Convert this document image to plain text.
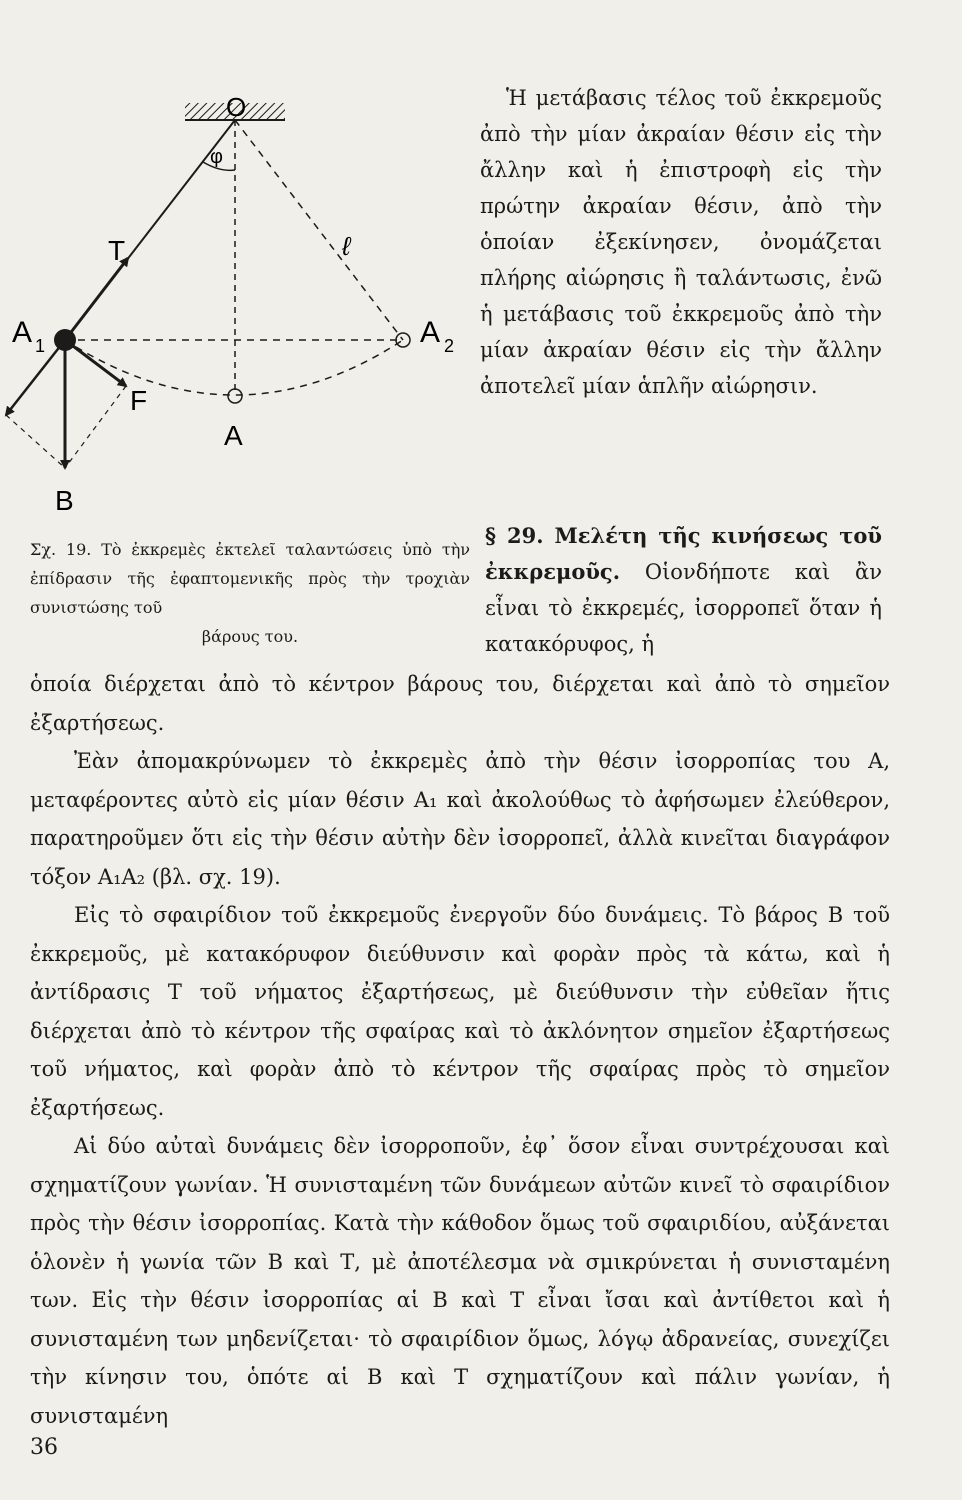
O
φ
T	ℓ
A 1	A 2
F
A
B
Σχ. 19. Τὸ ἐκκρεμὲς ἐκτελεῖ ταλαντώσεις ὑπὸ τὴν ἐπίδρασιν τῆς ἐφαπτομενικῆς πρὸς τὴν τροχιὰν συνιστώσης τοῦ
βάρους του.

Ἡ μετάβασις τέλος τοῦ ἐκκρεμοῦς ἀπὸ τὴν μίαν ἀκραίαν θέσιν εἰς τὴν ἄλλην καὶ ἡ ἐπιστροφὴ εἰς τὴν πρώτην ἀκραίαν θέσιν, ἀπὸ τὴν ὁποίαν ἐξεκίνησεν, ὀνομάζεται πλήρης αἰώρησις ἢ ταλάντωσις, ἐνῶ ἡ μετάβασις τοῦ ἐκκρεμοῦς ἀπὸ τὴν μίαν ἀκραίαν θέσιν εἰς τὴν ἄλλην ἀποτελεῖ μίαν ἁπλῆν αἰώρησιν.

§ 29. Μελέτη τῆς κινήσεως τοῦ ἐκκρεμοῦς. Οἱονδήποτε καὶ ἂν εἶναι τὸ ἐκκρεμές, ἰσορροπεῖ ὅταν ἡ κατακόρυφος, ἡ

ὁποία διέρχεται ἀπὸ τὸ κέντρον βάρους του, διέρχεται καὶ ἀπὸ τὸ σημεῖον ἐξαρτήσεως.

Ἐὰν ἀπομακρύνωμεν τὸ ἐκκρεμὲς ἀπὸ τὴν θέσιν ἰσορροπίας του Α, μεταφέροντες αὐτὸ εἰς μίαν θέσιν Α₁ καὶ ἀκολούθως τὸ ἀφήσωμεν ἐλεύθερον, παρατηροῦμεν ὅτι εἰς τὴν θέσιν αὐτὴν δὲν ἰσορροπεῖ, ἀλλὰ κινεῖται διαγράφον τόξον Α₁Α₂ (βλ. σχ. 19).

Εἰς τὸ σφαιρίδιον τοῦ ἐκκρεμοῦς ἐνεργοῦν δύο δυνάμεις. Τὸ βάρος Β τοῦ ἐκκρεμοῦς, μὲ κατακόρυφον διεύθυνσιν καὶ φορὰν πρὸς τὰ κάτω, καὶ ἡ ἀντίδρασις Τ τοῦ νήματος ἐξαρτήσεως, μὲ διεύθυνσιν τὴν εὐθεῖαν ἥτις διέρχεται ἀπὸ τὸ κέντρον τῆς σφαίρας καὶ τὸ ἀκλόνητον σημεῖον ἐξαρτήσεως τοῦ νήματος, καὶ φορὰν ἀπὸ τὸ κέντρον τῆς σφαίρας πρὸς τὸ σημεῖον ἐξαρτήσεως.

Αἱ δύο αὐταὶ δυνάμεις δὲν ἰσορροποῦν, ἐφ᾽ ὅσον εἶναι συντρέχουσαι καὶ σχηματίζουν γωνίαν. Ἡ συνισταμένη τῶν δυνάμεων αὐτῶν κινεῖ τὸ σφαιρίδιον πρὸς τὴν θέσιν ἰσορροπίας. Κατὰ τὴν κάθοδον ὅμως τοῦ σφαιριδίου, αὐξάνεται ὁλονὲν ἡ γωνία τῶν Β καὶ Τ, μὲ ἀποτέλεσμα νὰ σμικρύνεται ἡ συνισταμένη των. Εἰς τὴν θέσιν ἰσορροπίας αἱ Β καὶ Τ εἶναι ἴσαι καὶ ἀντίθετοι καὶ ἡ συνισταμένη των μηδενίζεται· τὸ σφαιρίδιον ὅμως, λόγῳ ἀδρανείας, συνεχίζει τὴν κίνησιν του, ὁπότε αἱ Β καὶ Τ σχηματίζουν καὶ πάλιν γωνίαν, ἡ συνισταμένη

36
